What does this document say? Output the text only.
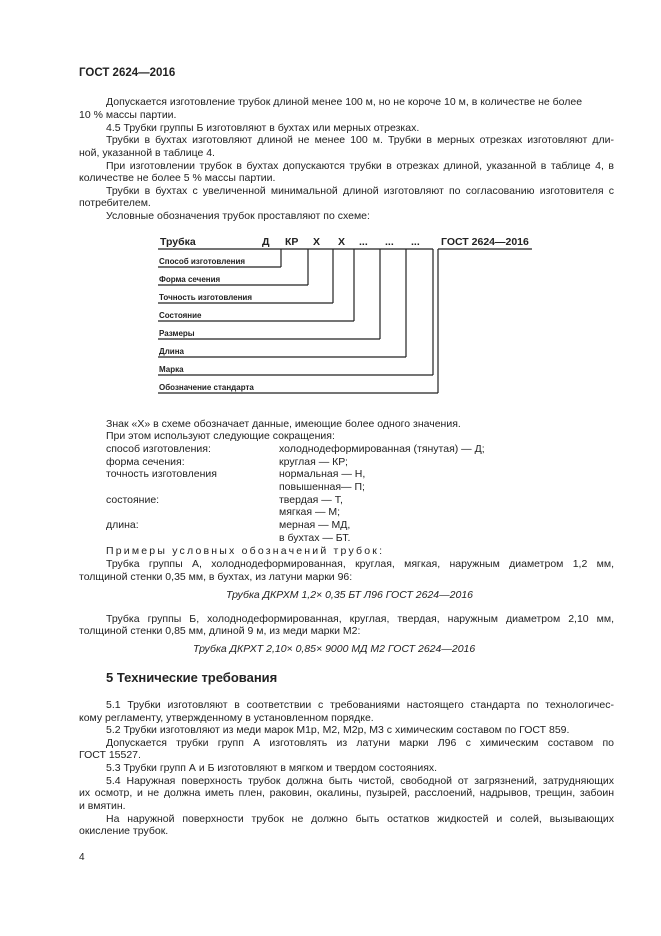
ГОСТ 2624—2016
Допускается изготовление трубок длиной менее 100 м, но не короче 10 м, в количестве не более
10 % массы партии.
4.5 Трубки группы Б изготовляют в бухтах или мерных отрезках.
Трубки в бухтах изготовляют длиной не менее 100 м. Трубки в мерных отрезках изготовляют дли-
ной, указанной в таблице 4.
При изготовлении трубок в бухтах допускаются трубки в отрезках длиной, указанной в таблице 4, в
количестве не более 5 % массы партии.
Трубки в бухтах с увеличенной минимальной длиной изготовляют по согласованию изготовителя с
потребителем.
Условные обозначения трубок проставляют по схеме:
Трубка	Д КР Х Х ... ... ... ГОСТ 2624—2016
Способ изготовления
Форма сечения
Точность изготовления
Состояние
Размеры
Длина
Марка
Обозначение стандарта
Знак «Х» в схеме обозначает данные, имеющие более одного значения.
При этом используют следующие сокращения:
способ изготовления:	холоднодеформированная (тянутая) — Д;
форма сечения:	круглая — КР;
точность изготовления	нормальная — Н,
повышенная— П;
состояние:	твердая — Т,
мягкая — М;
длина:	мерная — МД,
в бухтах — БТ.
Примеры условных обозначений трубок:
Трубка группы А, холоднодеформированная, круглая, мягкая, наружным диаметром 1,2 мм,
толщиной стенки 0,35 мм, в бухтах, из латуни марки 96:
Трубка ДКРХМ 1,2× 0,35 БТ Л96 ГОСТ 2624—2016
Трубка группы Б, холоднодеформированная, круглая, твердая, наружным диаметром 2,10 мм,
толщиной стенки 0,85 мм, длиной 9 м, из меди марки М2:
Трубка ДКРХТ 2,10× 0,85× 9000 МД М2 ГОСТ 2624—2016
5 Технические требования
5.1 Трубки изготовляют в соответствии с требованиями настоящего стандарта по технологичес-
кому регламенту, утвержденному в установленном порядке.
5.2 Трубки изготовляют из меди марок М1р, М2, М2р, М3 с химическим составом по ГОСТ 859.
Допускается трубки групп А изготовлять из латуни марки Л96 с химическим составом по
ГОСТ 15527.
5.3 Трубки групп А и Б изготовляют в мягком и твердом состояниях.
5.4 Наружная поверхность трубок должна быть чистой, свободной от загрязнений, затрудняющих
их осмотр, и не должна иметь плен, раковин, окалины, пузырей, расслоений, надрывов, трещин, забоин
и вмятин.
На наружной поверхности трубок не должно быть остатков жидкостей и солей, вызывающих
окисление трубок.
4
